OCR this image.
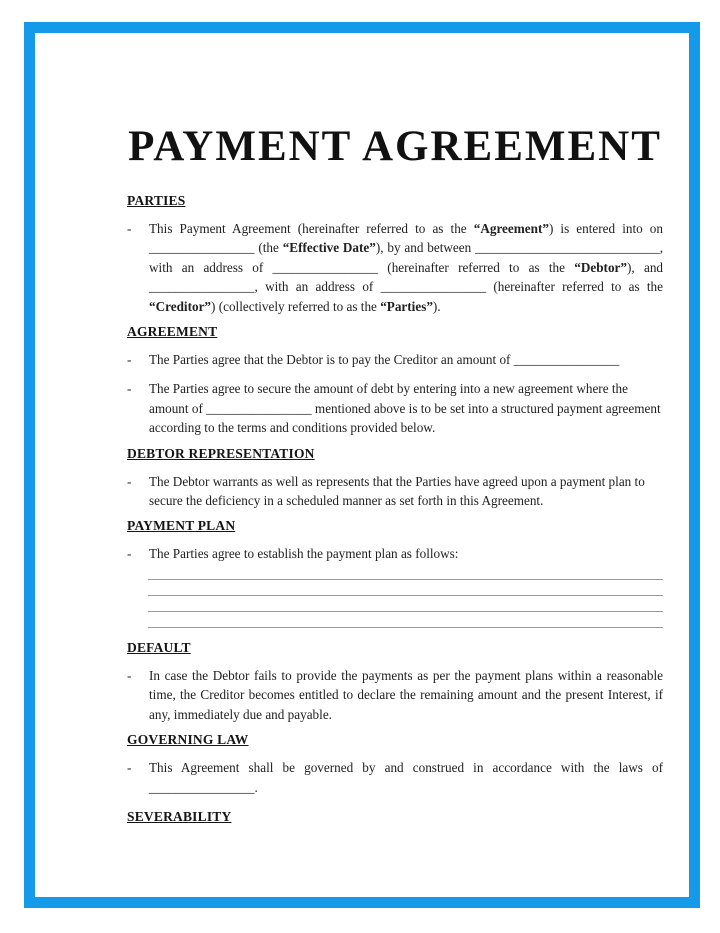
PAYMENT AGREEMENT
PARTIES
-	This Payment Agreement (hereinafter referred to as the “Agreement”) is entered into on ________________ (the “Effective Date”), by and between ____________________________, with an address of ________________ (hereinafter referred to as the “Debtor”), and ________________, with an address of ________________ (hereinafter referred to as the “Creditor”) (collectively referred to as the “Parties”).
AGREEMENT
-	The Parties agree that the Debtor is to pay the Creditor an amount of ________________
-	The Parties agree to secure the amount of debt by entering into a new agreement where the amount of ________________ mentioned above is to be set into a structured payment agreement according to the terms and conditions provided below.
DEBTOR REPRESENTATION
-	The Debtor warrants as well as represents that the Parties have agreed upon a payment plan to secure the deficiency in a scheduled manner as set forth in this Agreement.
PAYMENT PLAN
-	The Parties agree to establish the payment plan as follows:
DEFAULT
-	In case the Debtor fails to provide the payments as per the payment plans within a reasonable time, the Creditor becomes entitled to declare the remaining amount and the present Interest, if any, immediately due and payable.
GOVERNING LAW
-	This Agreement shall be governed by and construed in accordance with the laws of ________________.
SEVERABILITY
